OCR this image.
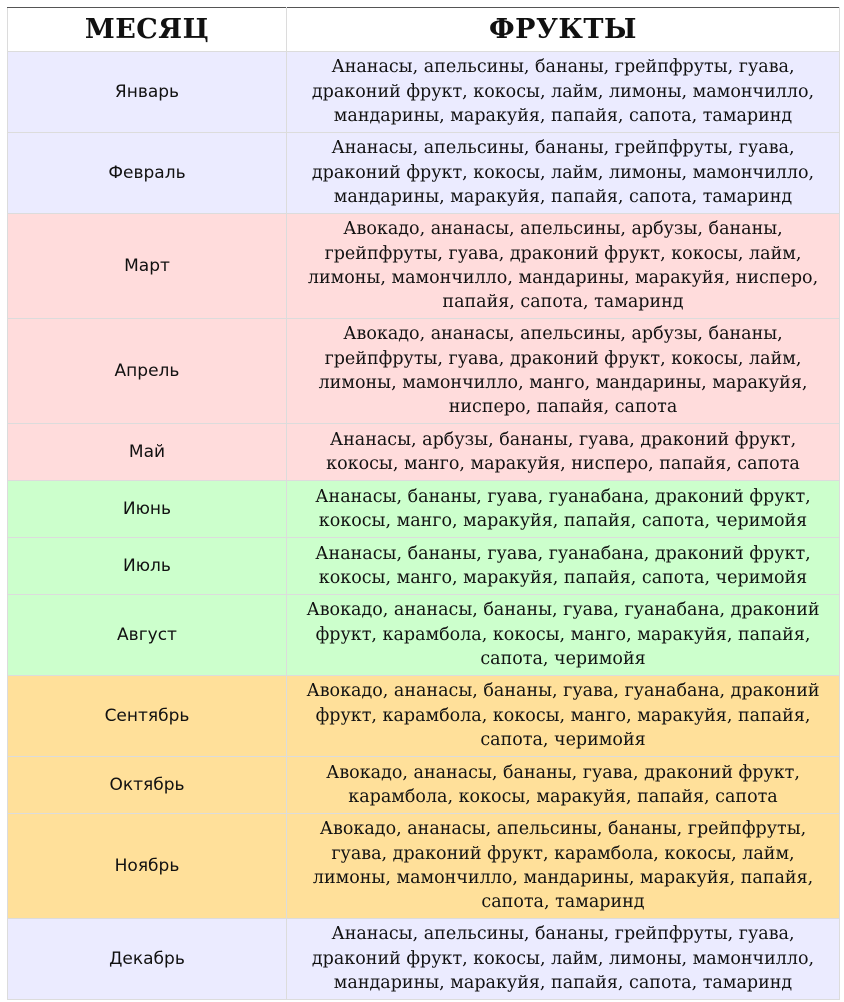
МЕСЯЦ	ФРУКТЫ
Январь	Ананасы, апельсины, бананы, грейпфруты, гуава, драконий фрукт, кокосы, лайм, лимоны, мамончилло, мандарины, маракуйя, папайя, сапота, тамаринд
Февраль	Ананасы, апельсины, бананы, грейпфруты, гуава, драконий фрукт, кокосы, лайм, лимоны, мамончилло, мандарины, маракуйя, папайя, сапота, тамаринд
Март	Авокадо, ананасы, апельсины, арбузы, бананы, грейпфруты, гуава, драконий фрукт, кокосы, лайм, лимоны, мамончилло, мандарины, маракуйя, ниспеpo, папайя, сапота, тамаринд
Апрель	Авокадо, ананасы, апельсины, арбузы, бананы, грейпфруты, гуава, драконий фрукт, кокосы, лайм, лимоны, мамончилло, манго, мандарины, маракуйя, ниспеpo, папайя, сапота
Май	Ананасы, арбузы, бананы, гуава, драконий фрукт, кокосы, манго, маракуйя, ниспеpo, папайя, сапота
Июнь	Ананасы, бананы, гуава, гуанабана, драконий фрукт, кокосы, манго, маракуйя, папайя, сапота, черимойя
Июль	Ананасы, бананы, гуава, гуанабана, драконий фрукт, кокосы, манго, маракуйя, папайя, сапота, черимойя
Август	Авокадо, ананасы, бананы, гуава, гуанабана, драконий фрукт, карамбола, кокосы, манго, маракуйя, папайя, сапота, черимойя
Сентябрь	Авокадо, ананасы, бананы, гуава, гуанабана, драконий фрукт, карамбола, кокосы, манго, маракуйя, папайя, сапота, черимойя
Октябрь	Авокадо, ананасы, бананы, гуава, драконий фрукт, карамбола, кокосы, маракуйя, папайя, сапота
Ноябрь	Авокадо, ананасы, апельсины, бананы, грейпфруты, гуава, драконий фрукт, карамбола, кокосы, лайм, лимоны, мамончилло, мандарины, маракуйя, папайя, сапота, тамаринд
Декабрь	Ананасы, апельсины, бананы, грейпфруты, гуава, драконий фрукт, кокосы, лайм, лимоны, мамончилло, мандарины, маракуйя, папайя, сапота, тамаринд
